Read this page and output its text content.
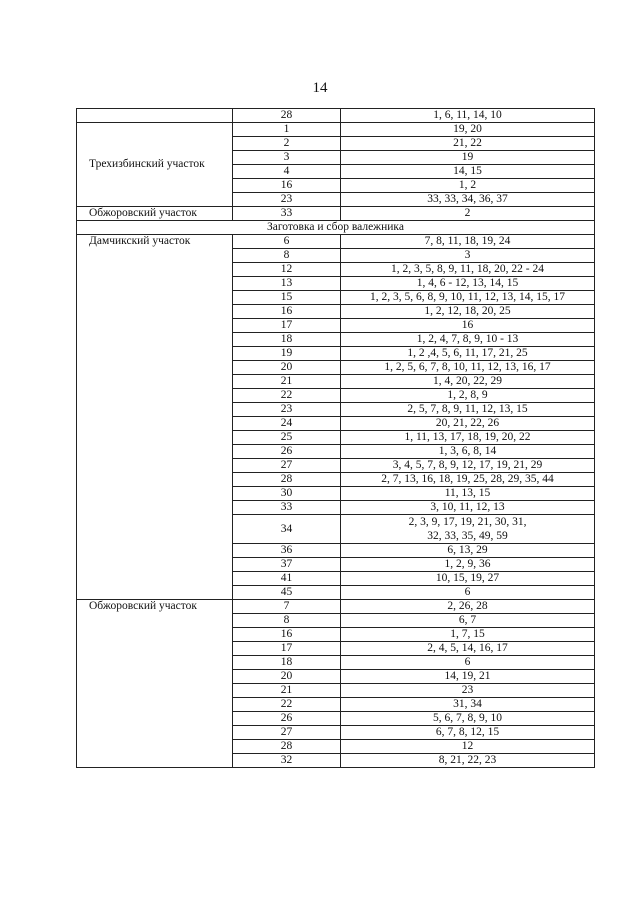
14
	28	1, 6, 11, 14, 10
Трехизбинский участок	1	19, 20
	2	21, 22
	3	19
	4	14, 15
	16	1, 2
	23	33, 33, 34, 36, 37
Обжоровский участок	33	2
Заготовка и сбор валежника		
Дамчикский участок	6	7, 8, 11, 18, 19, 24
	8	3
	12	1, 2, 3, 5, 8, 9, 11, 18, 20, 22 - 24
	13	1, 4, 6 - 12, 13, 14, 15
	15	1, 2, 3, 5, 6, 8, 9, 10, 11, 12, 13, 14, 15, 17
	16	1, 2, 12, 18, 20, 25
	17	16
	18	1, 2, 4, 7, 8, 9, 10 - 13
	19	1, 2 ,4, 5, 6, 11, 17, 21, 25
	20	1, 2, 5, 6, 7, 8, 10, 11, 12, 13, 16, 17
	21	1, 4, 20, 22, 29
	22	1, 2, 8, 9
	23	2, 5, 7, 8, 9, 11, 12, 13, 15
	24	20, 21, 22, 26
	25	1, 11, 13, 17, 18, 19, 20, 22
	26	1, 3, 6, 8, 14
	27	3, 4, 5, 7, 8, 9, 12, 17, 19, 21, 29
	28	2, 7, 13, 16, 18, 19, 25, 28, 29, 35, 44
	30	11, 13, 15
	33	3, 10, 11, 12, 13
	34	2, 3, 9, 17, 19, 21, 30, 31,
32, 33, 35, 49, 59

	36	6, 13, 29
	37	1, 2, 9, 36
	41	10, 15, 19, 27
	45	6
Обжоровский участок	7	2, 26, 28
	8	6, 7
	16	1, 7, 15
	17	2, 4, 5, 14, 16, 17
	18	6
	20	14, 19, 21
	21	23
	22	31, 34
	26	5, 6, 7, 8, 9, 10
	27	6, 7, 8, 12, 15
	28	12
	32	8, 21, 22, 23
